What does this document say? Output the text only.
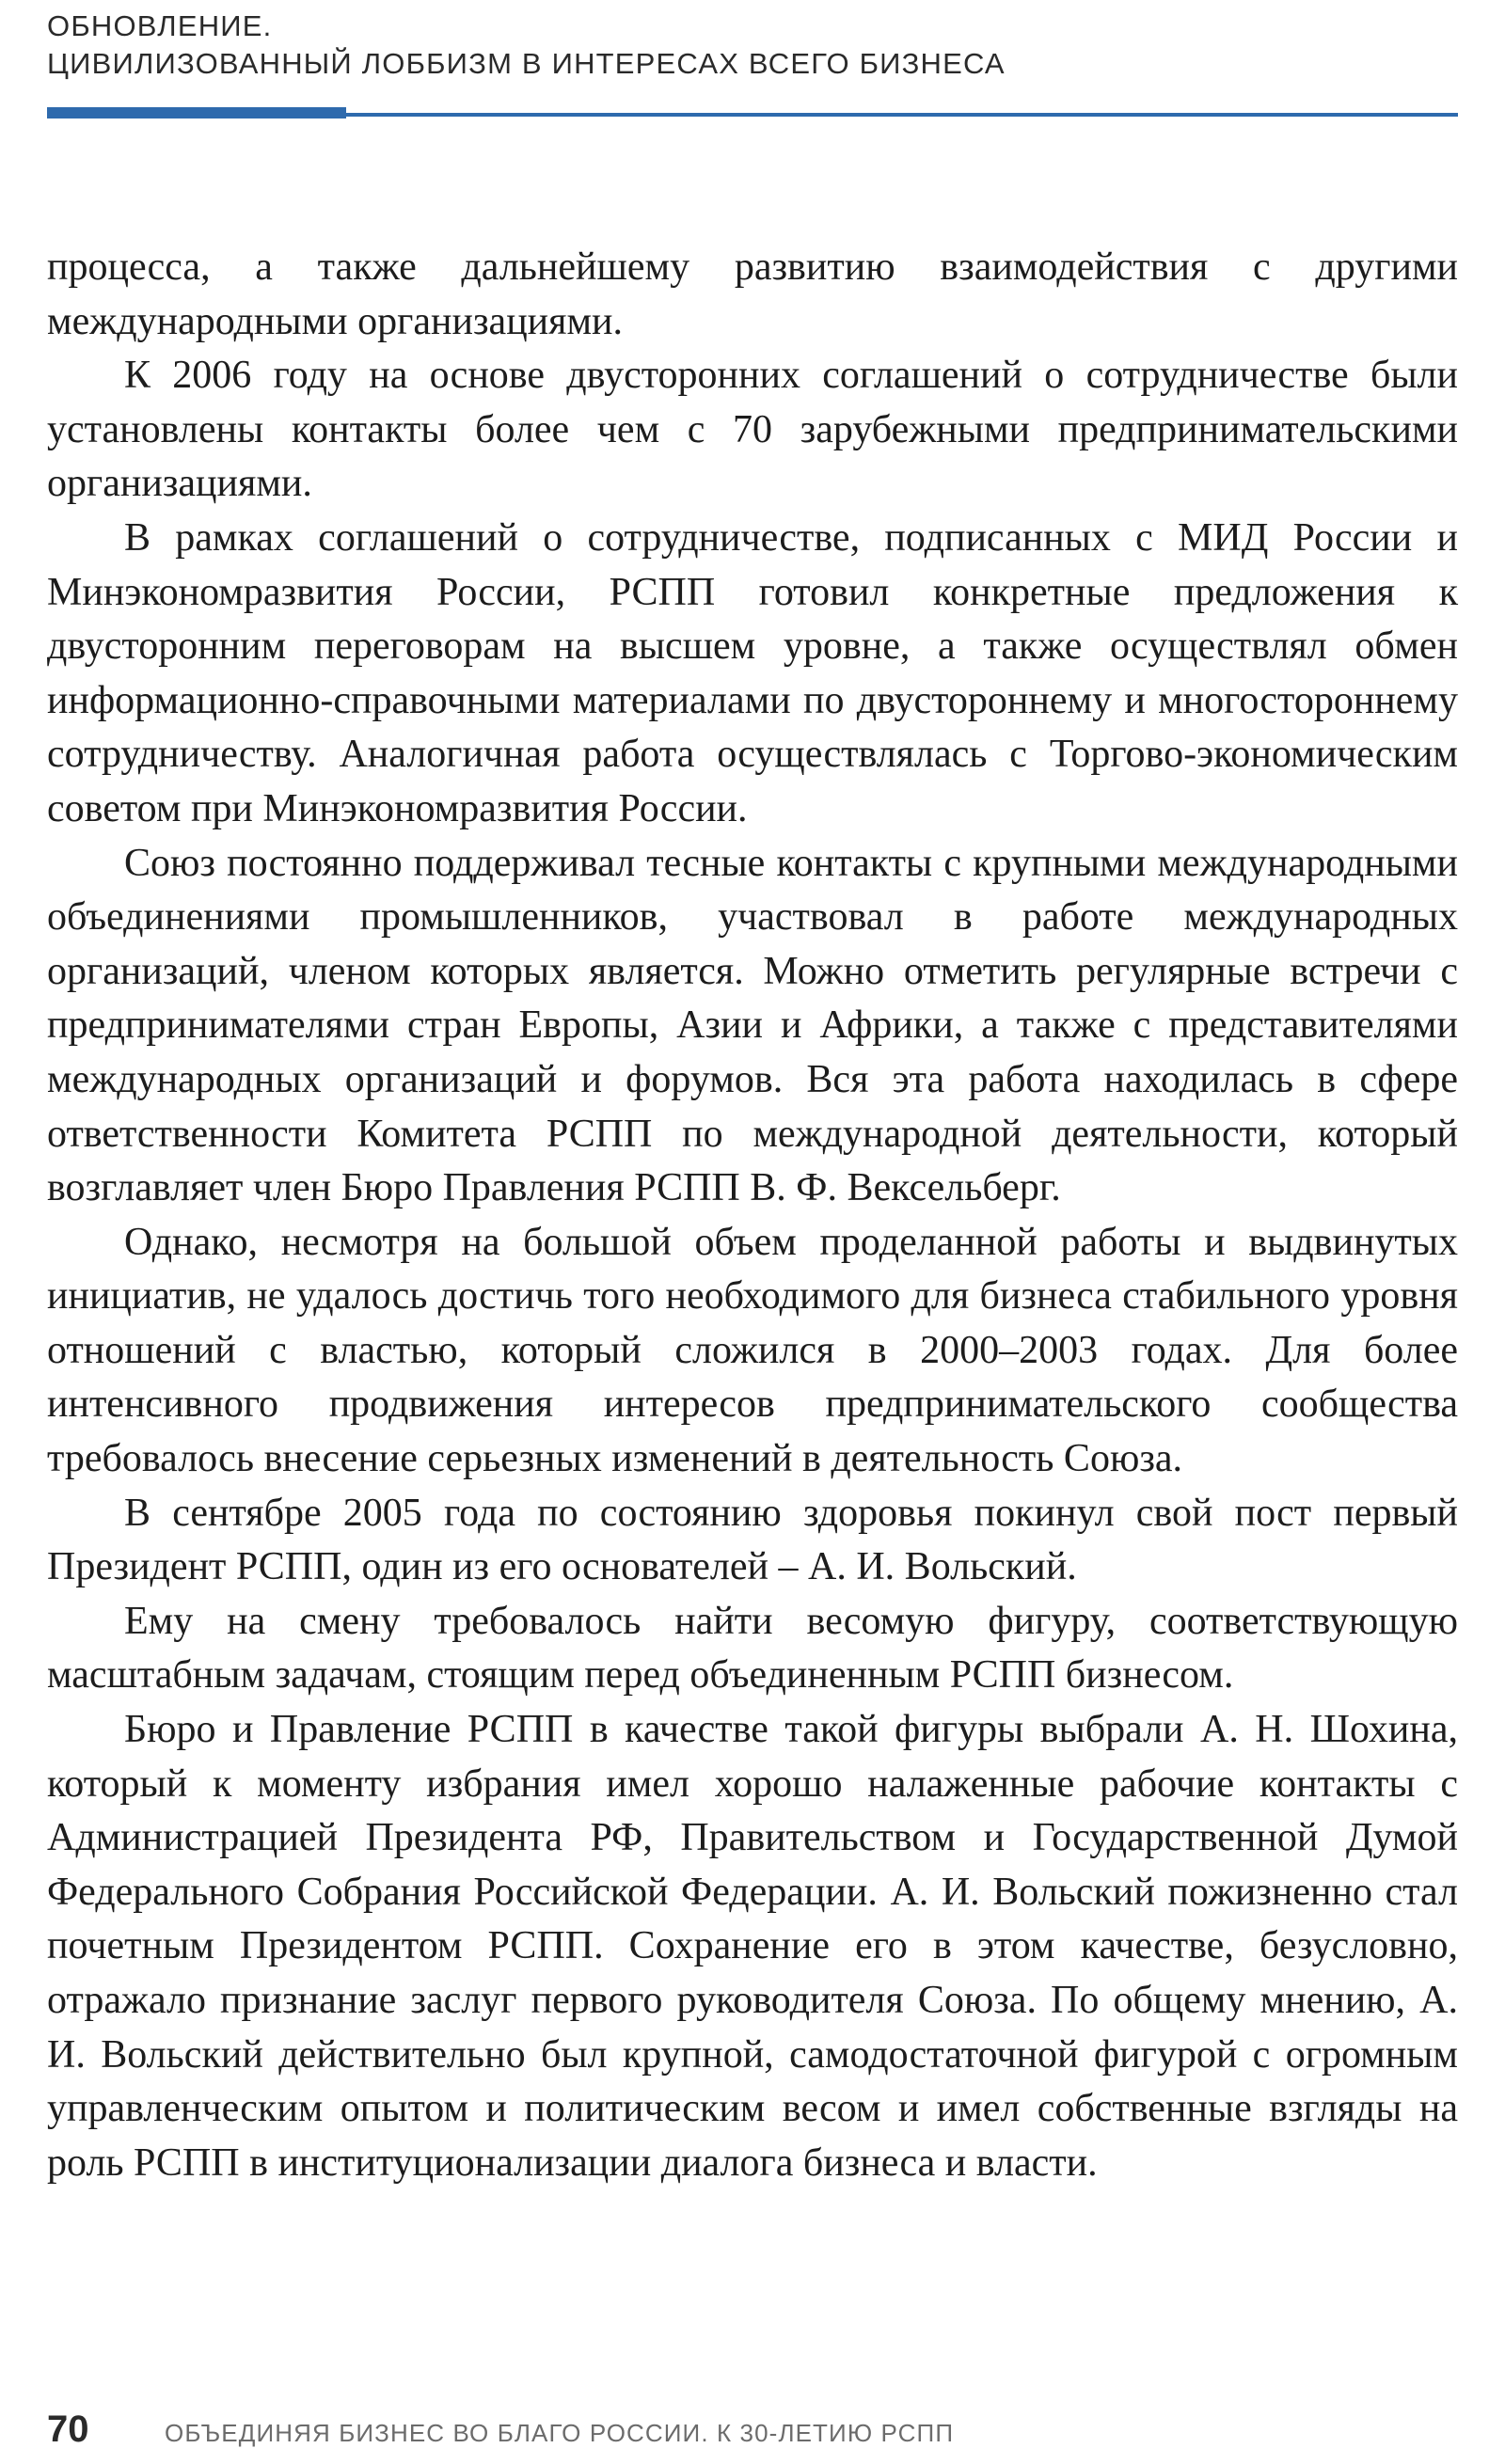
ОБНОВЛЕНИЕ.
ЦИВИЛИЗОВАННЫЙ ЛОББИЗМ В ИНТЕРЕСАХ ВСЕГО БИЗНЕСА

процесса, а также дальнейшему развитию взаимодействия с другими международными организациями.

К 2006 году на основе двусторонних соглашений о сотрудничестве были установлены контакты более чем с 70 зарубежными предпринимательскими организациями.

В рамках соглашений о сотрудничестве, подписанных с МИД России и Минэкономразвития России, РСПП готовил конкретные предложения к двусторонним переговорам на высшем уровне, а также осуществлял обмен информационно-справочными материалами по двустороннему и многостороннему сотрудничеству. Аналогичная работа осуществлялась с Торгово-экономическим советом при Минэкономразвития России.

Союз постоянно поддерживал тесные контакты с крупными международными объединениями промышленников, участвовал в работе международных организаций, членом которых является. Можно отметить регулярные встречи с предпринимателями стран Европы, Азии и Африки, а также с представителями международных организаций и форумов. Вся эта работа находилась в сфере ответственности Комитета РСПП по международной деятельности, который возглавляет член Бюро Правления РСПП В. Ф. Вексельберг.

Однако, несмотря на большой объем проделанной работы и выдвинутых инициатив, не удалось достичь того необходимого для бизнеса стабильного уровня отношений с властью, который сложился в 2000–2003 годах. Для более интенсивного продвижения интересов предпринимательского сообщества требовалось внесение серьезных изменений в деятельность Союза.

В сентябре 2005 года по состоянию здоровья покинул свой пост первый Президент РСПП, один из его основателей – А. И. Вольский.

Ему на смену требовалось найти весомую фигуру, соответствующую масштабным задачам, стоящим перед объединенным РСПП бизнесом.

Бюро и Правление РСПП в качестве такой фигуры выбрали А. Н. Шохина, который к моменту избрания имел хорошо налаженные рабочие контакты с Администрацией Президента РФ, Правительством и Государственной Думой Федерального Собрания Российской Федерации. А. И. Вольский пожизненно стал почетным Президентом РСПП. Сохранение его в этом качестве, безусловно, отражало признание заслуг первого руководителя Союза. По общему мнению, А. И. Вольский действительно был крупной, самодостаточной фигурой с огромным управленческим опытом и политическим весом и имел собственные взгляды на роль РСПП в институционализации диалога бизнеса и власти.

70	ОБЪЕДИНЯЯ БИЗНЕС ВО БЛАГО РОССИИ. К 30-ЛЕТИЮ РСПП
